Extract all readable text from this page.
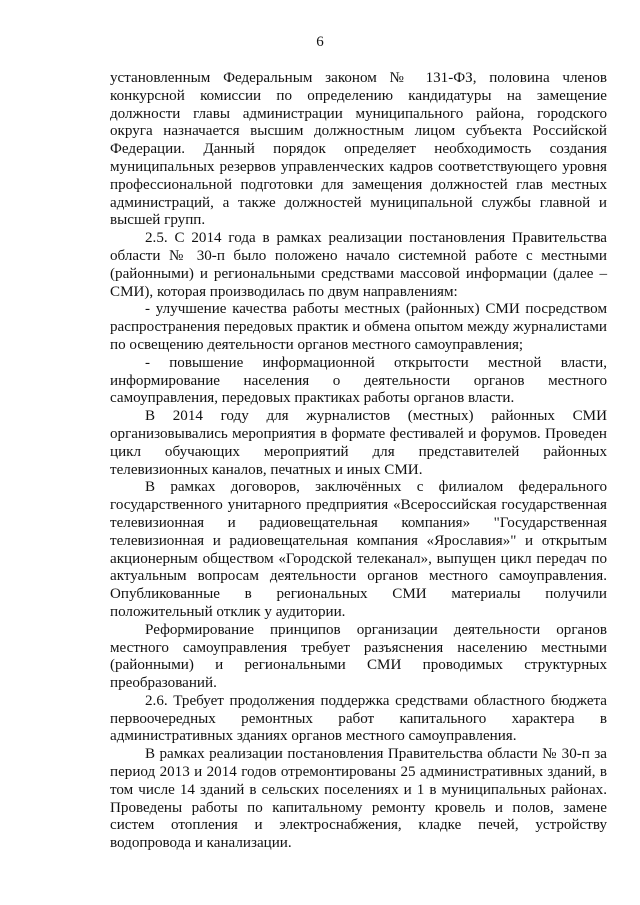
6

установленным Федеральным законом № 131-ФЗ, половина членов конкурсной комиссии по определению кандидатуры на замещение должности главы администрации муниципального района, городского округа назначается высшим должностным лицом субъекта Российской Федерации. Данный порядок определяет необходимость создания муниципальных резервов управленческих кадров соответствующего уровня профессиональной подготовки для замещения должностей глав местных администраций, а также должностей муниципальной службы главной и высшей групп.

2.5. С 2014 года в рамках реализации постановления Правительства области № 30-п было положено начало системной работе с местными (районными) и региональными средствами массовой информации (далее – СМИ), которая производилась по двум направлениям:

- улучшение качества работы местных (районных) СМИ посредством распространения передовых практик и обмена опытом между журналистами по освещению деятельности органов местного самоуправления;

- повышение информационной открытости местной власти, информирование населения о деятельности органов местного самоуправления, передовых практиках работы органов власти.

В 2014 году для журналистов (местных) районных СМИ организовывались мероприятия в формате фестивалей и форумов. Проведен цикл обучающих мероприятий для представителей районных телевизионных каналов, печатных и иных СМИ.

В рамках договоров, заключённых с филиалом федерального государственного унитарного предприятия «Всероссийская государственная телевизионная и радиовещательная компания» "Государственная телевизионная и радиовещательная компания «Ярославия»" и открытым акционерным обществом «Городской телеканал», выпущен цикл передач по актуальным вопросам деятельности органов местного самоуправления. Опубликованные в региональных СМИ материалы получили положительный отклик у аудитории.

Реформирование принципов организации деятельности органов местного самоуправления требует разъяснения населению местными (районными) и региональными СМИ проводимых структурных преобразований.

2.6. Требует продолжения поддержка средствами областного бюджета первоочередных ремонтных работ капитального характера в административных зданиях органов местного самоуправления.

В рамках реализации постановления Правительства области № 30-п за период 2013 и 2014 годов отремонтированы 25 административных зданий, в том числе 14 зданий в сельских поселениях и 1 в муниципальных районах. Проведены работы по капитальному ремонту кровель и полов, замене систем отопления и электроснабжения, кладке печей, устройству водопровода и канализации.
